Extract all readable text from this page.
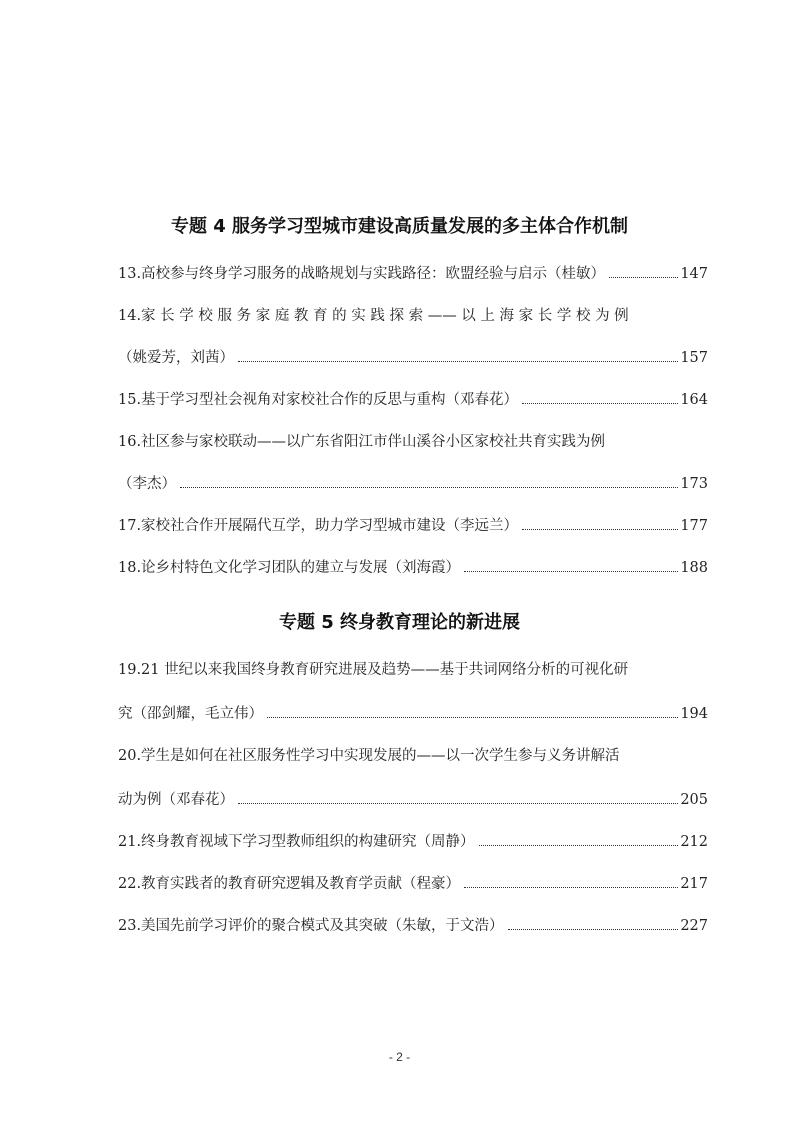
专题 4 服务学习型城市建设高质量发展的多主体合作机制
13.高校参与终身学习服务的战略规划与实践路径：欧盟经验与启示（桂敏）	147
14.家 长 学 校 服 务 家 庭 教 育 的 实 践 探 索 —— 以 上 海 家 长 学 校 为 例
（姚爱芳，刘茜）	157
15.基于学习型社会视角对家校社合作的反思与重构（邓春花）	164
16.社区参与家校联动——以广东省阳江市伴山溪谷小区家校社共育实践为例
（李杰）	173
17.家校社合作开展隔代互学，助力学习型城市建设（李远兰）	177
18.论乡村特色文化学习团队的建立与发展（刘海霞）	188
专题 5 终身教育理论的新进展
19.21 世纪以来我国终身教育研究进展及趋势——基于共词网络分析的可视化研
究（邵剑耀，毛立伟）	194
20.学生是如何在社区服务性学习中实现发展的——以一次学生参与义务讲解活
动为例（邓春花）	205
21.终身教育视域下学习型教师组织的构建研究（周静）	212
22.教育实践者的教育研究逻辑及教育学贡献（程豪）	217
23.美国先前学习评价的聚合模式及其突破（朱敏，于文浩）	227
- 2 -
